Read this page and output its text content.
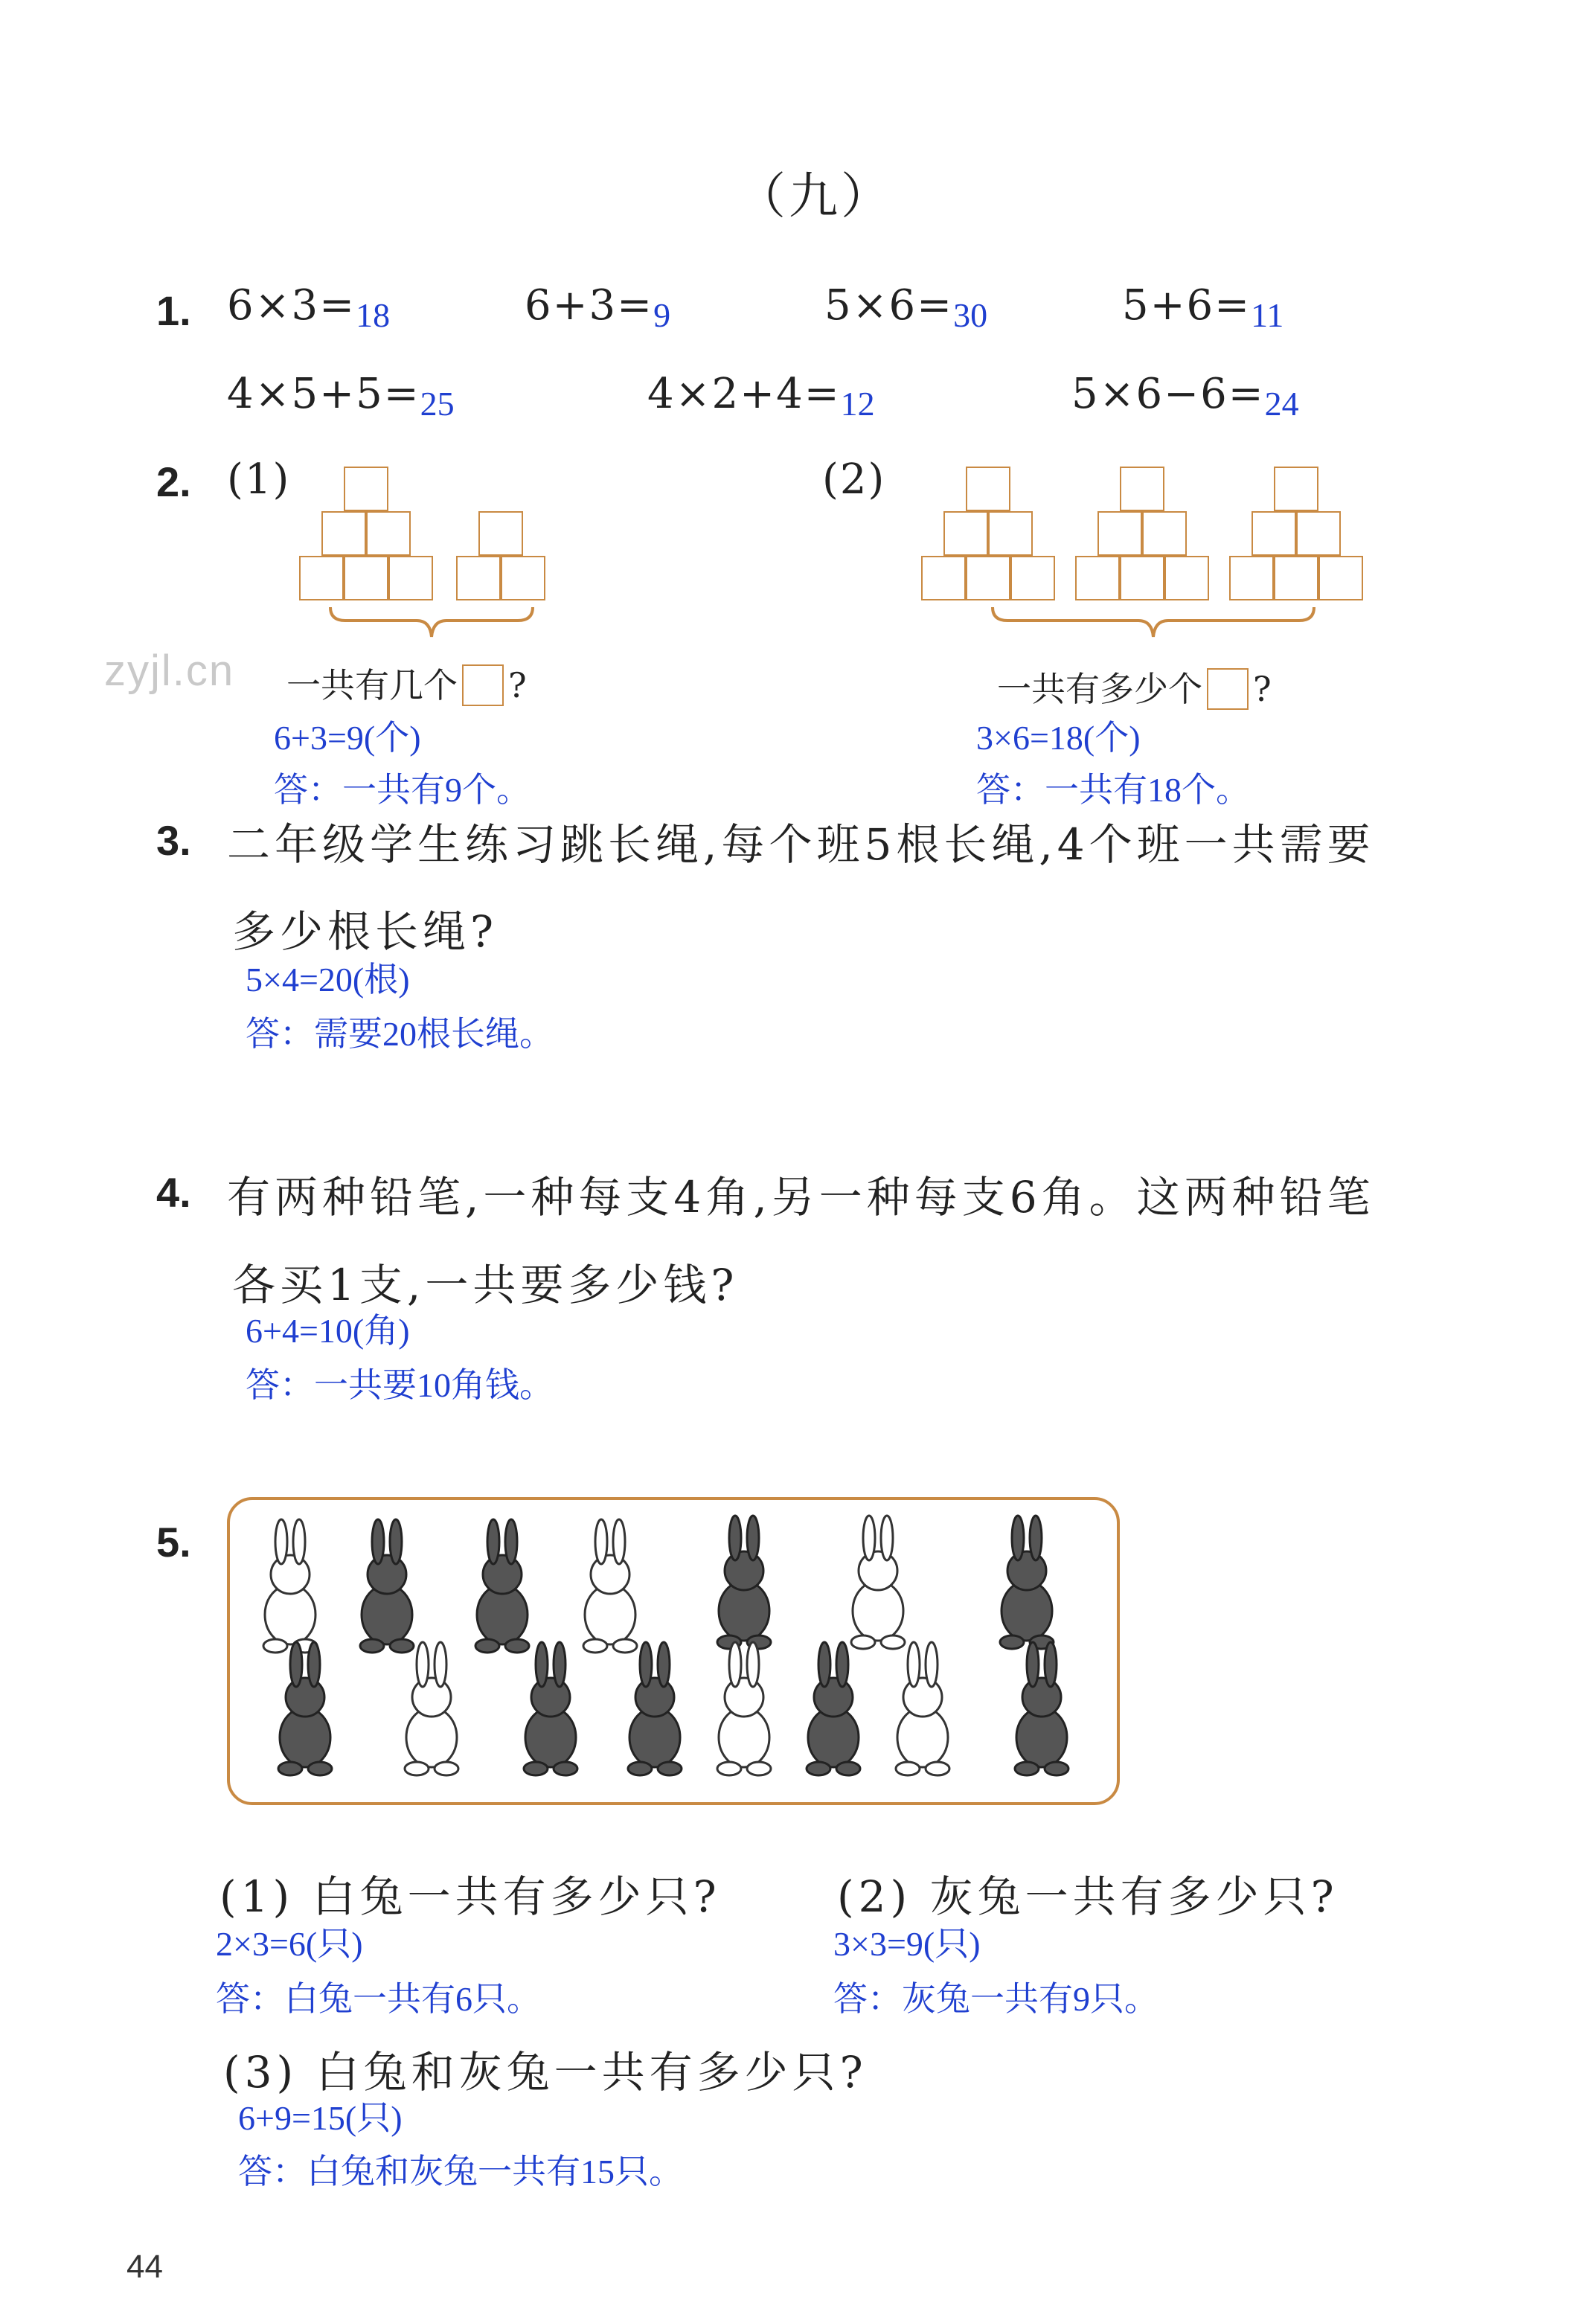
（九）
1. 6×3=18	6+3=9	5×6=30	5+6=11
4×5+5=25	4×2+4=12	5×6−6=24
2. (1)	(2)
zyjl.cn 一共有几个 ?
6+3=9(个)
答：一共有9个。
一共有多少个 ?
3×6=18(个)
答：一共有18个。
3. 二年级学生练习跳长绳,每个班5根长绳,4个班一共需要
多少根长绳?
5×4=20(根)
答：需要20根长绳。
4. 有两种铅笔,一种每支4角,另一种每支6角。这两种铅笔
各买1支,一共要多少钱?
6+4=10(角)
答：一共要10角钱。
5.
(1) 白兔一共有多少只?
2×3=6(只)
答：白兔一共有6只。
(2) 灰兔一共有多少只?
3×3=9(只)
答：灰兔一共有9只。
(3) 白兔和灰兔一共有多少只?
6+9=15(只)
答：白兔和灰兔一共有15只。
44
